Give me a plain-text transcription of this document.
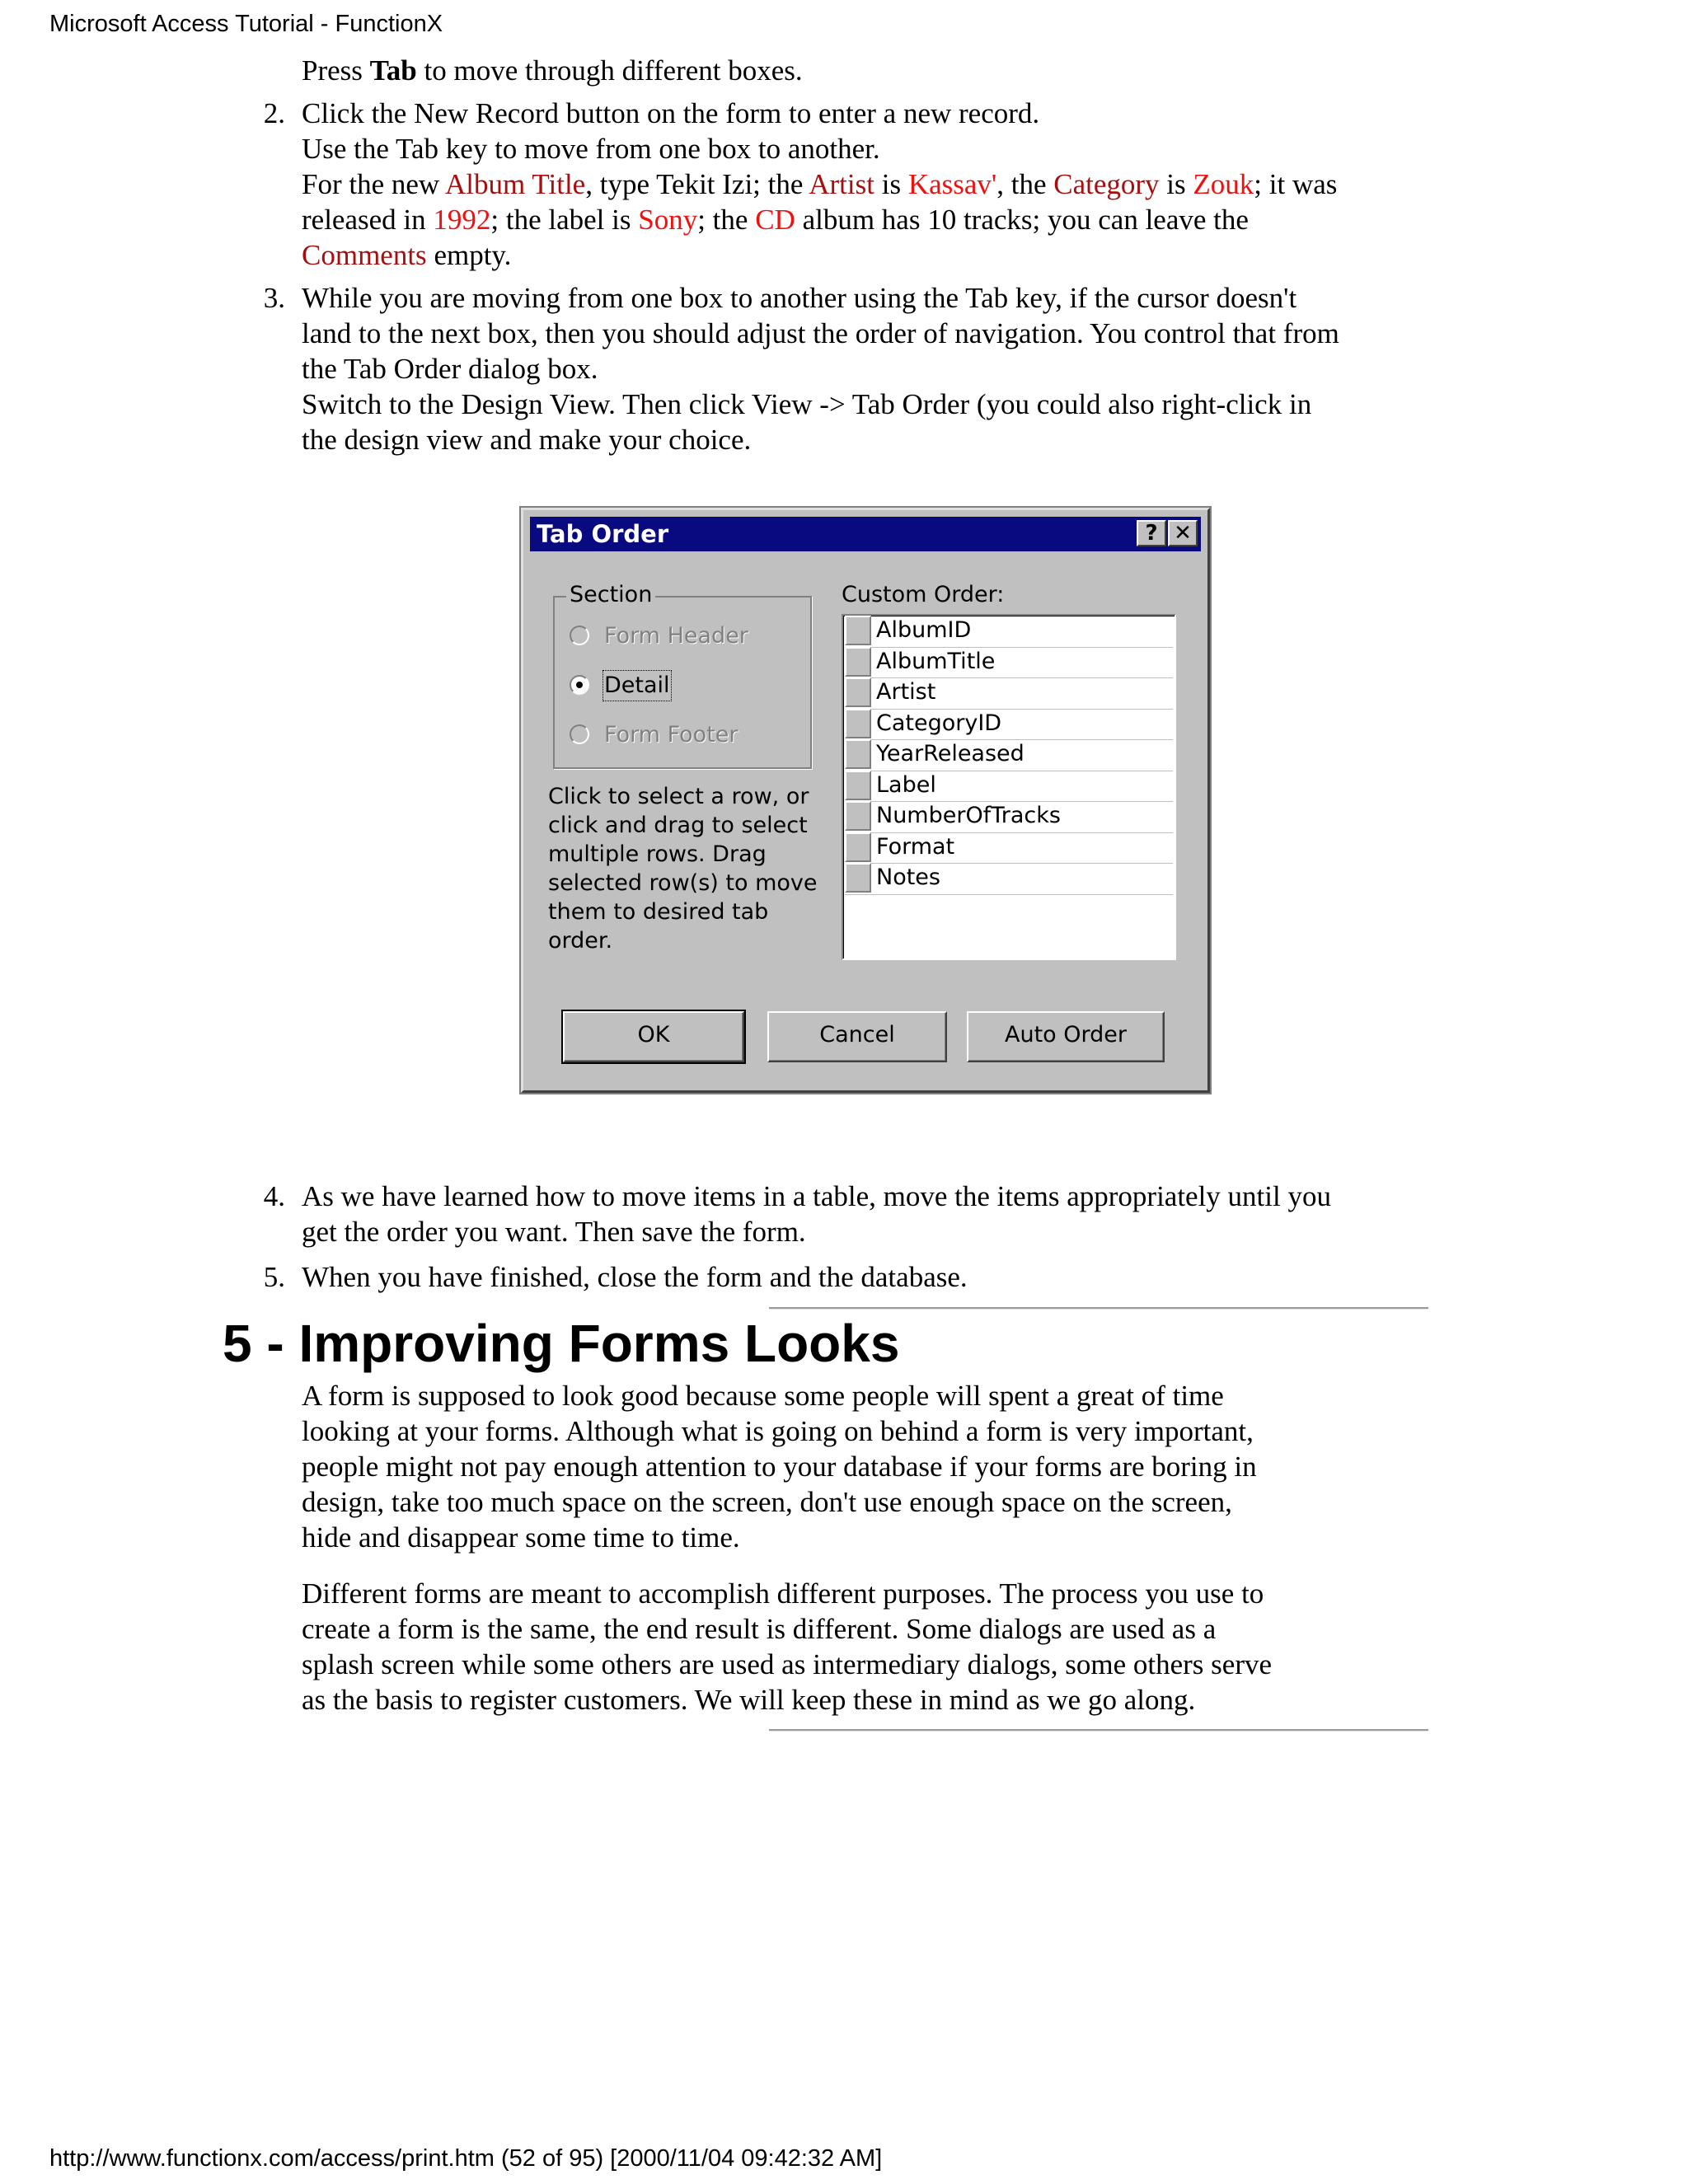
Microsoft Access Tutorial - FunctionX
Press Tab to move through different boxes.
2. Click the New Record button on the form to enter a new record.
Use the Tab key to move from one box to another.
For the new Album Title, type Tekit Izi; the Artist is Kassav', the Category is Zouk; it was
released in 1992; the label is Sony; the CD album has 10 tracks; you can leave the
Comments empty.
3. While you are moving from one box to another using the Tab key, if the cursor doesn't
land to the next box, then you should adjust the order of navigation. You control that from
the Tab Order dialog box.
Switch to the Design View. Then click View -> Tab Order (you could also right-click in
the design view and make your choice.
Tab Order	? ✕
Section
Form Header
Detail
Form Footer
Click to select a row, or
click and drag to select
multiple rows. Drag
selected row(s) to move
them to desired tab
order.
Custom Order:
AlbumID
AlbumTitle
Artist
CategoryID
YearReleased
Label
NumberOfTracks
Format
Notes
OK	Cancel	Auto Order
4. As we have learned how to move items in a table, move the items appropriately until you
get the order you want. Then save the form.
5. When you have finished, close the form and the database.
5 - Improving Forms Looks
A form is supposed to look good because some people will spent a great of time
looking at your forms. Although what is going on behind a form is very important,
people might not pay enough attention to your database if your forms are boring in
design, take too much space on the screen, don't use enough space on the screen,
hide and disappear some time to time.
Different forms are meant to accomplish different purposes. The process you use to
create a form is the same, the end result is different. Some dialogs are used as a
splash screen while some others are used as intermediary dialogs, some others serve
as the basis to register customers. We will keep these in mind as we go along.
http://www.functionx.com/access/print.htm (52 of 95) [2000/11/04 09:42:32 AM]
